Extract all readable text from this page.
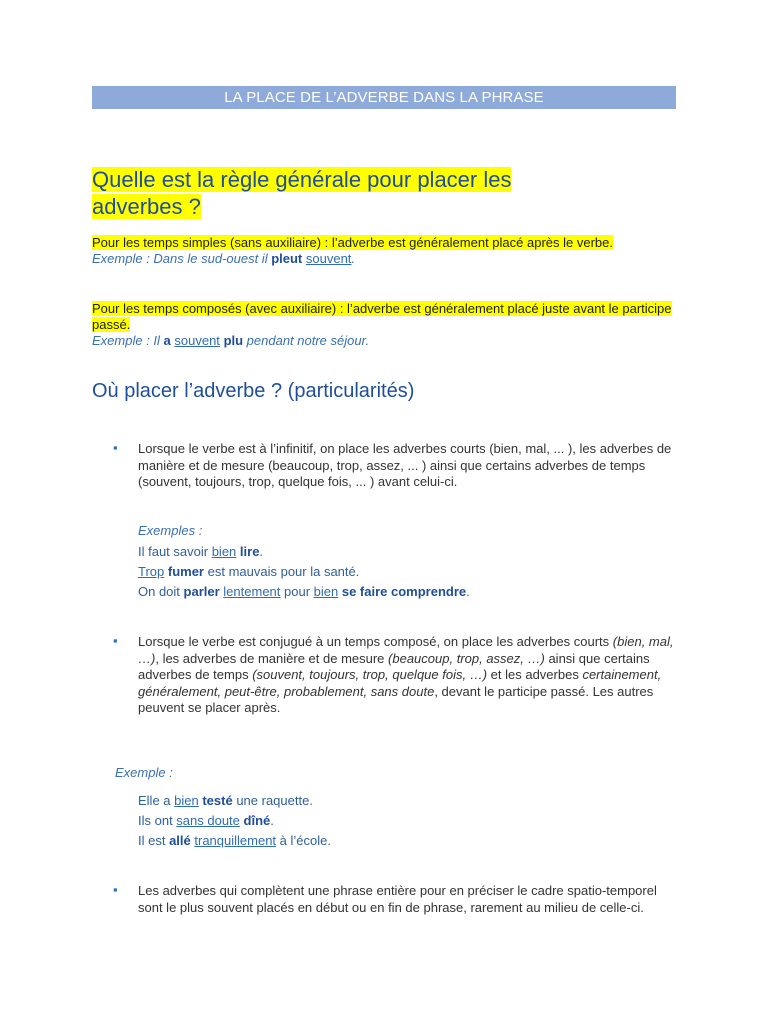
LA PLACE DE L’ADVERBE DANS LA PHRASE
Quelle est la règle générale pour placer les adverbes ?
Pour les temps simples (sans auxiliaire) : l’adverbe est généralement placé après le verbe.
Exemple : Dans le sud-ouest il pleut souvent.
Pour les temps composés (avec auxiliaire) : l’adverbe est généralement placé juste avant le participe passé.
Exemple : Il a souvent plu pendant notre séjour.
Où placer l’adverbe ? (particularités)
▪ Lorsque le verbe est à l’infinitif, on place les adverbes courts (bien, mal, ... ), les adverbes de manière et de mesure (beaucoup, trop, assez, ... ) ainsi que certains adverbes de temps (souvent, toujours, trop, quelque fois, ... ) avant celui-ci.
Exemples :
Il faut savoir bien lire.
Trop fumer est mauvais pour la santé.
On doit parler lentement pour bien se faire comprendre.
▪ Lorsque le verbe est conjugué à un temps composé, on place les adverbes courts (bien, mal, …), les adverbes de manière et de mesure (beaucoup, trop, assez, …) ainsi que certains adverbes de temps (souvent, toujours, trop, quelque fois, …) et les adverbes certainement, généralement, peut-être, probablement, sans doute, devant le participe passé. Les autres peuvent se placer après.
Exemple :
Elle a bien testé une raquette.
Ils ont sans doute dîné.
Il est allé tranquillement à l’école.
▪ Les adverbes qui complètent une phrase entière pour en préciser le cadre spatio-temporel sont le plus souvent placés en début ou en fin de phrase, rarement au milieu de celle-ci.
